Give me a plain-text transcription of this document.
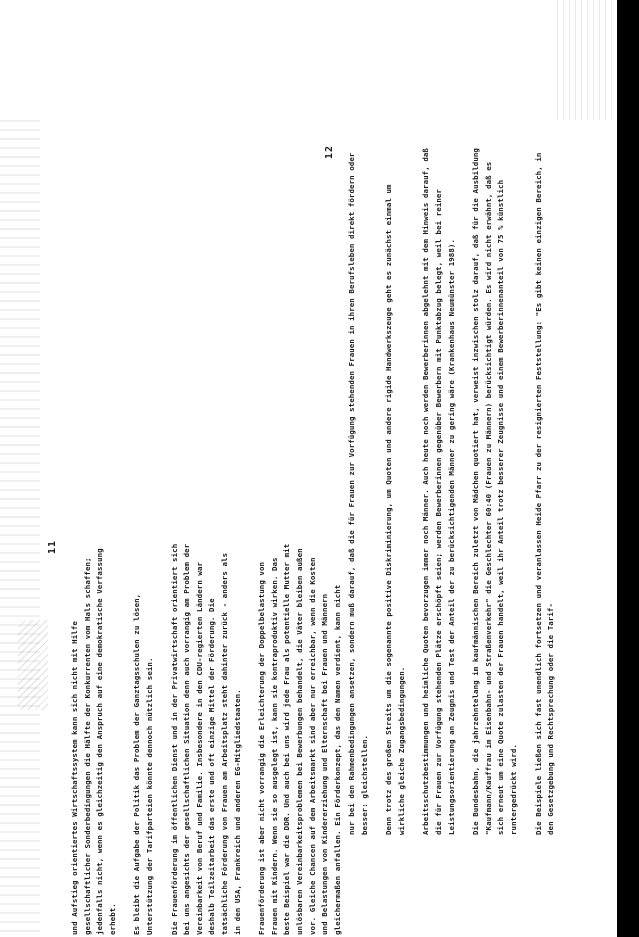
11

und Aufstieg orientiertes Wirtschaftssystem kann sich nicht mit Hilfe gesellschaftlicher Sonderbedingungen die Hälfte der Konkurrenten vom Hals schaffen; jedenfalls nicht, wenn es gleichzeitig den Anspruch auf eine demokratische Verfassung erhebt.	Es bleibt die Aufgabe der Politik das Problem der Ganztagsschulen zu lösen, Unterstützung der Tarifparteien könnte dennoch nützlich sein.	Die Frauenförderung im öffentlichen Dienst und in der Privatwirtschaft orientiert sich bei uns angesichts der gesellschaftlichen Situation denn auch vorrangig am Problem der Vereinbarkeit von Beruf und Familie. Insbesondere in den CDU-regierten Ländern war deshalb Teilzeitarbeit das erste und oft einzige Mittel der Förderung. Die tatsächliche Förderung von Frauen am Arbeitsplatz steht dahinter zurück - anders als in den USA, Frankreich und anderen EG-Mitgliedstaaten.	Frauenförderung ist aber nicht vorrangig die Erleichterung der Doppelbelastung von Frauen mit Kindern. Wenn sie so ausgelegt ist, kann sie kontraproduktiv wirken. Das beste Beispiel war die DDR. Und auch bei uns wird jede Frau als potentielle Mutter mit unlösbaren Vereinbarkeitsproblemen bei Bewerbungen behandelt, die Väter bleiben außen vor. Gleiche Chancen auf dem Arbeitsmarkt sind aber nur erreichbar, wenn die Kosten und Belastungen von Kindererziehung und Elternschaft bei Frauen und Männern gleichermaßen anfallen. Ein Förderkonzept, das den Namen verdient, kann nicht

12

nur bei den Rahmenbedingungen ansetzen, sondern muß darauf, daß die für Frauen zur Vorfügung stehenden Frauen in ihren Berufsleben direkt fördern oder besser: gleichstellen.	Denn trotz des großen Streits um die sogenannte positive Diskriminierung, um Quoten und andere rigide Handwerkszeuge geht es zunächst einmal um wirkliche gleiche Zugangsbedingungen.	Arbeitsschutzbestimmungen und heimliche Quoten bevorzugen immer noch Männer. Auch heute noch werden Bewerberinnen abgelehnt mit dem Hinweis darauf, daß die für Frauen zur Vorfügung stehenden Plätze erschöpft seien; werden Bewerberinnen gegenüber Bewerbern mit Punktabzug belegt, weil bei reiner Leistungsorientierung an Zeugnis und Test der Anteil der zu berücksichtigenden Männer zu gering wäre (Krankenhaus Neumünster 1988).	Die Bundesbahn, die jahrzehntelang im kaufmännischen Bereich zuletzt von Mädchen quotiert hat, verweist inzwischen stolz darauf, daß für die Ausbildung "Kaufmann/Kauffrau im Eisenbahn- und Straßenverkehr" die Geschlechter 60:40 (Frauen zu Männern) berücksichtigt würden. Es wird nicht erwähnt, daß es sich erneut um eine Quote zulasten der Frauen handelt, weil ihr Anteil trotz besserer Zeugnisse und einem Bewerberinnenanteil von 75 % künstlich runtergedrückt wird.	Die Beispiele ließen sich fast unendlich fortsetzen und veranlassen Heide Pfarr zu der resignierten Feststellung: "Es gibt keinen einzigen Bereich, in den Gesetzgebung und Rechtsprechung oder die Tarif-
